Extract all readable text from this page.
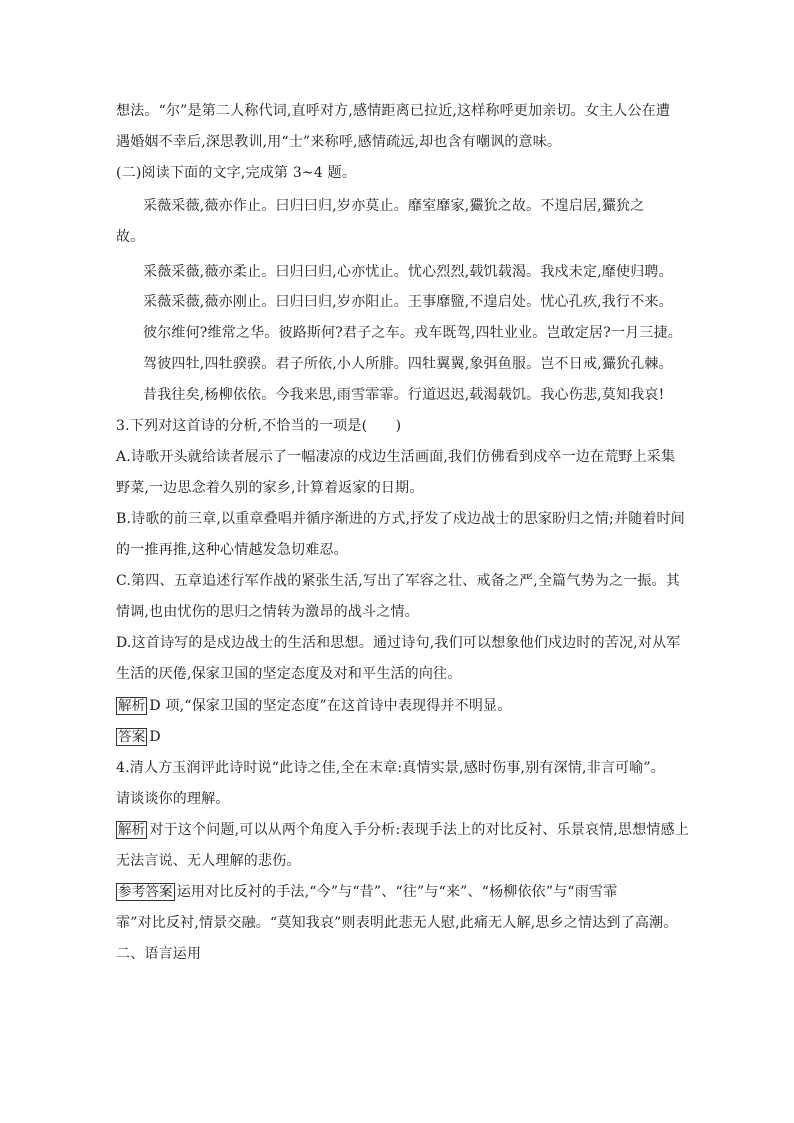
想法。“尔”是第二人称代词,直呼对方,感情距离已拉近,这样称呼更加亲切。女主人公在遭
遇婚姻不幸后,深思教训,用“士”来称呼,感情疏远,却也含有嘲讽的意味。
(二)阅读下面的文字,完成第 3~4 题。
采薇采薇,薇亦作止。曰归曰归,岁亦莫止。靡室靡家,玁狁之故。不遑启居,玁狁之
故。
采薇采薇,薇亦柔止。曰归曰归,心亦忧止。忧心烈烈,载饥载渴。我戍未定,靡使归聘。
采薇采薇,薇亦刚止。曰归曰归,岁亦阳止。王事靡盬,不遑启处。忧心孔疚,我行不来。
彼尔维何?维常之华。彼路斯何?君子之车。戎车既驾,四牡业业。岂敢定居?一月三捷。
驾彼四牡,四牡骙骙。君子所依,小人所腓。四牡翼翼,象弭鱼服。岂不日戒,玁狁孔棘。
昔我往矣,杨柳依依。今我来思,雨雪霏霏。行道迟迟,载渴载饥。我心伤悲,莫知我哀!
3.下列对这首诗的分析,不恰当的一项是(　　)
A.诗歌开头就给读者展示了一幅凄凉的戍边生活画面,我们仿佛看到戍卒一边在荒野上采集
野菜,一边思念着久别的家乡,计算着返家的日期。
B.诗歌的前三章,以重章叠唱并循序渐进的方式,抒发了戍边战士的思家盼归之情;并随着时间
的一推再推,这种心情越发急切难忍。
C.第四、五章追述行军作战的紧张生活,写出了军容之壮、戒备之严,全篇气势为之一振。其
情调,也由忧伤的思归之情转为激昂的战斗之情。
D.这首诗写的是戍边战士的生活和思想。通过诗句,我们可以想象他们戍边时的苦况,对从军
生活的厌倦,保家卫国的坚定态度及对和平生活的向往。
解析 D 项,“保家卫国的坚定态度”在这首诗中表现得并不明显。
答案 D
4.清人方玉润评此诗时说“此诗之佳,全在末章:真情实景,感时伤事,别有深情,非言可喻”。
请谈谈你的理解。
解析 对于这个问题,可以从两个角度入手分析:表现手法上的对比反衬、乐景哀情,思想情感上
无法言说、无人理解的悲伤。
参考答案 运用对比反衬的手法,“今”与“昔”、“往”与“来”、“杨柳依依”与“雨雪霏
霏”对比反衬,情景交融。“莫知我哀”则表明此悲无人慰,此痛无人解,思乡之情达到了高潮。
二、语言运用
